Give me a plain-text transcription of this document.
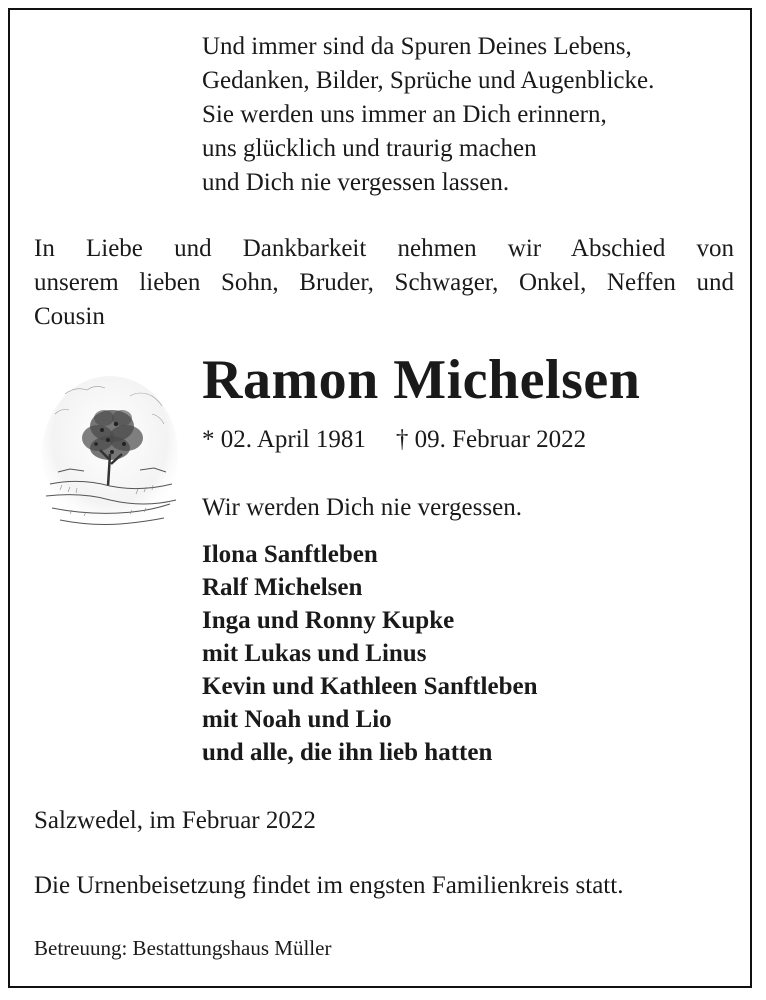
Und immer sind da Spuren Deines Lebens,
Gedanken, Bilder, Sprüche und Augenblicke.
Sie werden uns immer an Dich erinnern,
uns glücklich und traurig machen
und Dich nie vergessen lassen.
In Liebe und Dankbarkeit nehmen wir Abschied von
unserem lieben Sohn, Bruder, Schwager, Onkel, Neffen und
Cousin
Ramon Michelsen
* 02. April 1981 † 09. Februar 2022
Wir werden Dich nie vergessen.
Ilona Sanftleben
Ralf Michelsen
Inga und Ronny Kupke
mit Lukas und Linus
Kevin und Kathleen Sanftleben
mit Noah und Lio
und alle, die ihn lieb hatten
Salzwedel, im Februar 2022
Die Urnenbeisetzung findet im engsten Familienkreis statt.
Betreuung: Bestattungshaus Müller
